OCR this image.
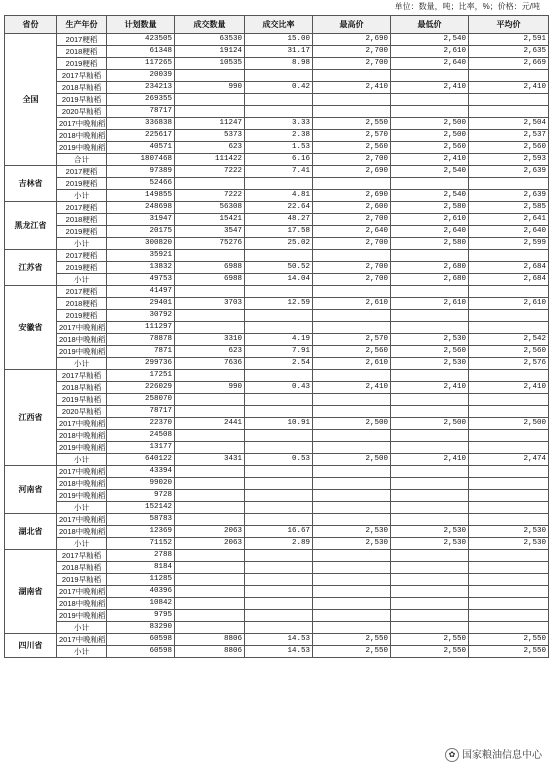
单位：数量，吨；比率，%；价格：元/吨
省份	生产年份	计划数量	成交数量	成交比率	最高价	最低价	平均价
全国	2017粳稻	423505	63530	15.00	2,690	2,540	2,591
	2018粳稻	61348	19124	31.17	2,700	2,610	2,635
	2019粳稻	117265	10535	8.98	2,700	2,640	2,669
	2017早籼稻	20039					
	2018早籼稻	234213	990	0.42	2,410	2,410	2,410
	2019早籼稻	269355					
	2020早籼稻	78717					
	2017中晚籼稻	336838	11247	3.33	2,550	2,500	2,504
	2018中晚籼稻	225617	5373	2.38	2,570	2,500	2,537
	2019中晚籼稻	40571	623	1.53	2,560	2,560	2,560
	合计	1807468	111422	6.16	2,700	2,410	2,593
吉林省	2017粳稻	97389	7222	7.41	2,690	2,540	2,639
	2019粳稻	52466					
	小计	149855	7222	4.81	2,690	2,540	2,639
黑龙江省	2017粳稻	248698	56308	22.64	2,600	2,580	2,585
	2018粳稻	31947	15421	48.27	2,700	2,610	2,641
	2019粳稻	20175	3547	17.58	2,640	2,640	2,640
	小计	300820	75276	25.02	2,700	2,580	2,599
江苏省	2017粳稻	35921					
	2019粳稻	13832	6988	50.52	2,700	2,680	2,684
	小计	49753	6988	14.04	2,700	2,680	2,684
安徽省	2017粳稻	41497					
	2018粳稻	29401	3703	12.59	2,610	2,610	2,610
	2019粳稻	30792					
	2017中晚籼稻	111297					
	2018中晚籼稻	78878	3310	4.19	2,570	2,530	2,542
	2019中晚籼稻	7871	623	7.91	2,560	2,560	2,560
	小计	299736	7636	2.54	2,610	2,530	2,576
江西省	2017早籼稻	17251					
	2018早籼稻	226029	990	0.43	2,410	2,410	2,410
	2019早籼稻	258070					
	2020早籼稻	78717					
	2017中晚籼稻	22370	2441	10.91	2,500	2,500	2,500
	2018中晚籼稻	24508					
	2019中晚籼稻	13177					
	小计	640122	3431	0.53	2,500	2,410	2,474
河南省	2017中晚籼稻	43394					
	2018中晚籼稻	99020					
	2019中晚籼稻	9728					
	小计	152142					
湖北省	2017中晚籼稻	58783					
	2018中晚籼稻	12369	2063	16.67	2,530	2,530	2,530
	小计	71152	2063	2.89	2,530	2,530	2,530
湖南省	2017早籼稻	2788					
	2018早籼稻	8184					
	2019早籼稻	11285					
	2017中晚籼稻	40396					
	2018中晚籼稻	10842					
	2019中晚籼稻	9795					
	小计	83290					
四川省	2017中晚籼稻	60598	8806	14.53	2,550	2,550	2,550
	小计	60598	8806	14.53	2,550	2,550	2,550
✿ 国家粮油信息中心
